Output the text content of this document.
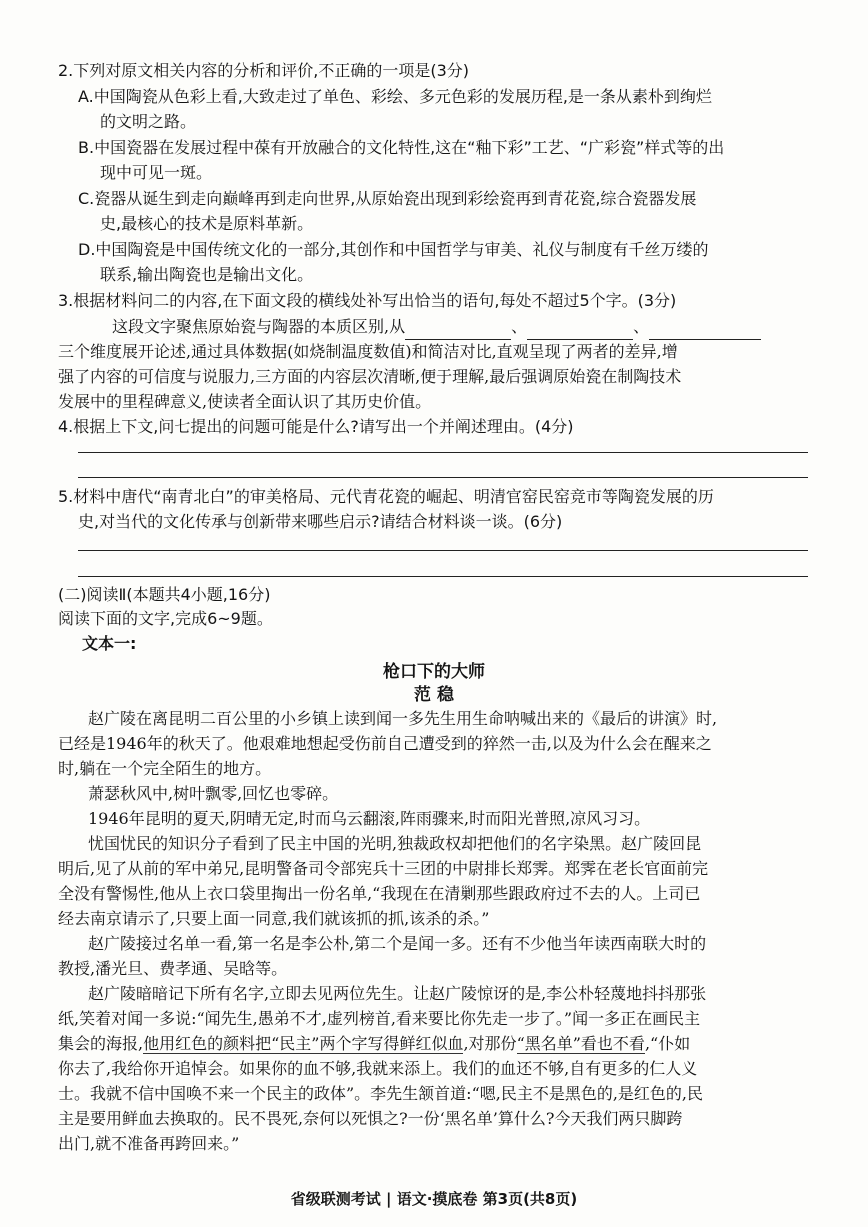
2.下列对原文相关内容的分析和评价,不正确的一项是(3分)
A.中国陶瓷从色彩上看,大致走过了单色、彩绘、多元色彩的发展历程,是一条从素朴到绚烂
的文明之路。
B.中国瓷器在发展过程中葆有开放融合的文化特性,这在“釉下彩”工艺、“广彩瓷”样式等的出
现中可见一斑。
C.瓷器从诞生到走向巅峰再到走向世界,从原始瓷出现到彩绘瓷再到青花瓷,综合瓷器发展
史,最核心的技术是原料革新。
D.中国陶瓷是中国传统文化的一部分,其创作和中国哲学与审美、礼仪与制度有千丝万缕的
联系,输出陶瓷也是输出文化。
3.根据材料问二的内容,在下面文段的横线处补写出恰当的语句,每处不超过5个字。(3分)
这段文字聚焦原始瓷与陶器的本质区别,从	、	、
三个维度展开论述,通过具体数据(如烧制温度数值)和简洁对比,直观呈现了两者的差异,增
强了内容的可信度与说服力,三方面的内容层次清晰,便于理解,最后强调原始瓷在制陶技术
发展中的里程碑意义,使读者全面认识了其历史价值。
4.根据上下文,问七提出的问题可能是什么?请写出一个并阐述理由。(4分)
5.材料中唐代“南青北白”的审美格局、元代青花瓷的崛起、明清官窑民窑竞市等陶瓷发展的历
史,对当代的文化传承与创新带来哪些启示?请结合材料谈一谈。(6分)
(二)阅读Ⅱ(本题共4小题,16分)
阅读下面的文字,完成6~9题。
文本一:
枪口下的大师
范 稳
赵广陵在离昆明二百公里的小乡镇上读到闻一多先生用生命呐喊出来的《最后的讲演》时,
已经是1946年的秋天了。他艰难地想起受伤前自己遭受到的猝然一击,以及为什么会在醒来之
时,躺在一个完全陌生的地方。
萧瑟秋风中,树叶飘零,回忆也零碎。
1946年昆明的夏天,阴晴无定,时而乌云翻滚,阵雨骤来,时而阳光普照,凉风习习。
忧国忧民的知识分子看到了民主中国的光明,独裁政权却把他们的名字染黑。赵广陵回昆
明后,见了从前的军中弟兄,昆明警备司令部宪兵十三团的中尉排长郑霁。郑霁在老长官面前完
全没有警惕性,他从上衣口袋里掏出一份名单,“我现在在清剿那些跟政府过不去的人。上司已
经去南京请示了,只要上面一同意,我们就该抓的抓,该杀的杀。”
赵广陵接过名单一看,第一名是李公朴,第二个是闻一多。还有不少他当年读西南联大时的
教授,潘光旦、费孝通、吴晗等。
赵广陵暗暗记下所有名字,立即去见两位先生。让赵广陵惊讶的是,李公朴轻蔑地抖抖那张
纸,笑着对闻一多说:“闻先生,愚弟不才,虚列榜首,看来要比你先走一步了。”闻一多正在画民主
集会的海报,他用红色的颜料把“民主”两个字写得鲜红似血,对那份“黑名单”看也不看,“仆如
你去了,我给你开追悼会。如果你的血不够,我就来添上。我们的血还不够,自有更多的仁人义
士。我就不信中国唤不来一个民主的政体”。李先生颔首道:“嗯,民主不是黑色的,是红色的,民
主是要用鲜血去换取的。民不畏死,奈何以死惧之?一份‘黑名单’算什么?今天我们两只脚跨
出门,就不准备再跨回来。”
省级联测考试 | 语文·摸底卷 第3页(共8页)
